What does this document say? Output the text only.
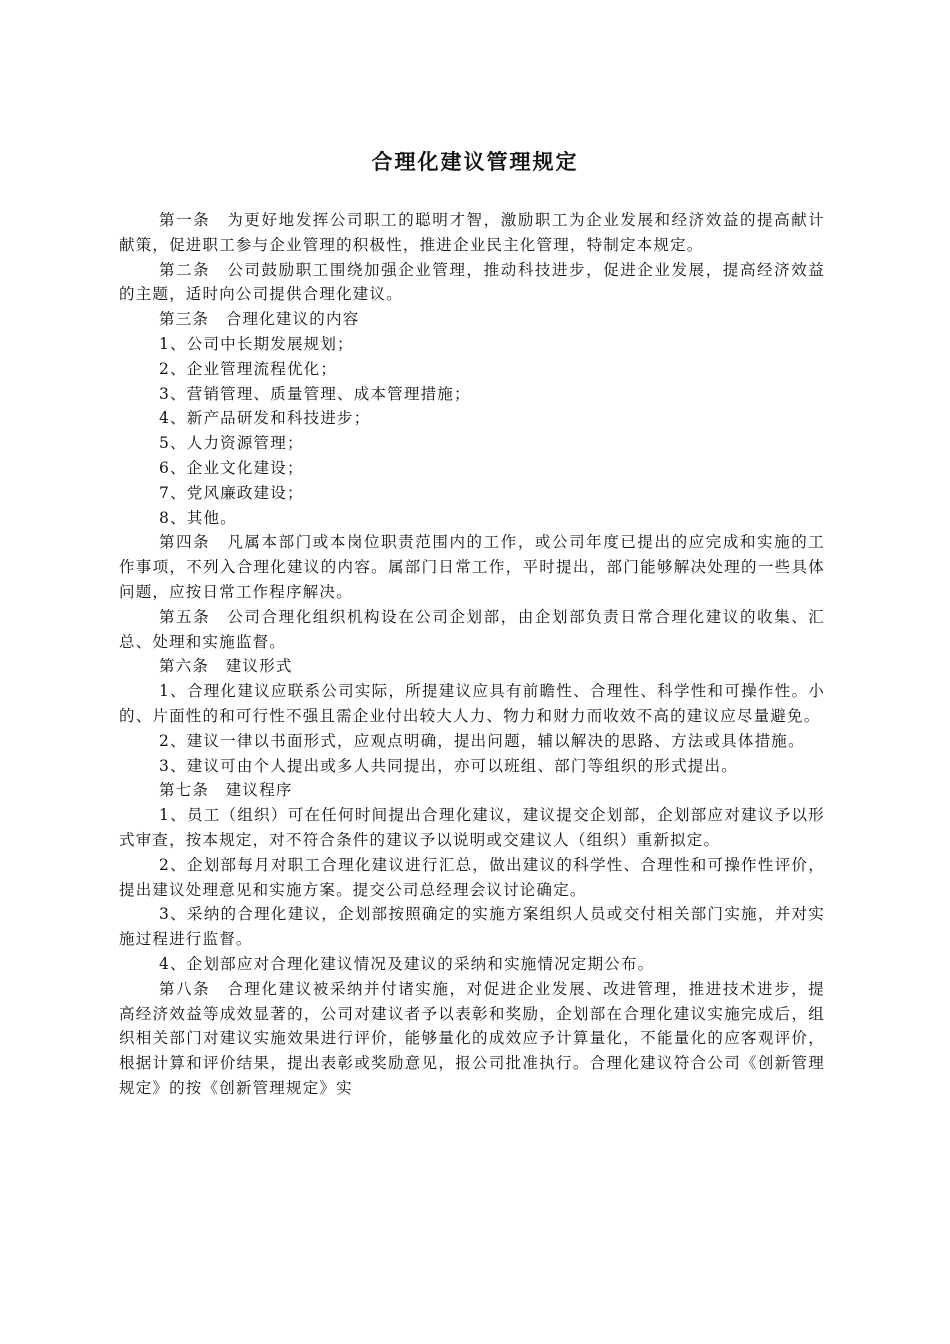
合理化建议管理规定

第一条　为更好地发挥公司职工的聪明才智，激励职工为企业发展和经济效益的提高献计献策，促进职工参与企业管理的积极性，推进企业民主化管理，特制定本规定。

第二条　公司鼓励职工围绕加强企业管理，推动科技进步，促进企业发展，提高经济效益的主题，适时向公司提供合理化建议。

第三条　合理化建议的内容

1、公司中长期发展规划；

2、企业管理流程优化；

3、营销管理、质量管理、成本管理措施；

4、新产品研发和科技进步；

5、人力资源管理；

6、企业文化建设；

7、党风廉政建设；

8、其他。

第四条　凡属本部门或本岗位职责范围内的工作，或公司年度已提出的应完成和实施的工作事项，不列入合理化建议的内容。属部门日常工作，平时提出，部门能够解决处理的一些具体问题，应按日常工作程序解决。

第五条　公司合理化组织机构设在公司企划部，由企划部负责日常合理化建议的收集、汇总、处理和实施监督。

第六条　建议形式

1、合理化建议应联系公司实际，所提建议应具有前瞻性、合理性、科学性和可操作性。小的、片面性的和可行性不强且需企业付出较大人力、物力和财力而收效不高的建议应尽量避免。

2、建议一律以书面形式，应观点明确，提出问题，辅以解决的思路、方法或具体措施。

3、建议可由个人提出或多人共同提出，亦可以班组、部门等组织的形式提出。

第七条　建议程序

1、员工（组织）可在任何时间提出合理化建议，建议提交企划部，企划部应对建议予以形式审查，按本规定，对不符合条件的建议予以说明或交建议人（组织）重新拟定。

2、企划部每月对职工合理化建议进行汇总，做出建议的科学性、合理性和可操作性评价，提出建议处理意见和实施方案。提交公司总经理会议讨论确定。

3、采纳的合理化建议，企划部按照确定的实施方案组织人员或交付相关部门实施，并对实施过程进行监督。

4、企划部应对合理化建议情况及建议的采纳和实施情况定期公布。

第八条　合理化建议被采纳并付诸实施，对促进企业发展、改进管理，推进技术进步，提高经济效益等成效显著的，公司对建议者予以表彰和奖励，企划部在合理化建议实施完成后，组织相关部门对建议实施效果进行评价，能够量化的成效应予计算量化，不能量化的应客观评价，根据计算和评价结果，提出表彰或奖励意见，报公司批准执行。合理化建议符合公司《创新管理规定》的按《创新管理规定》实
